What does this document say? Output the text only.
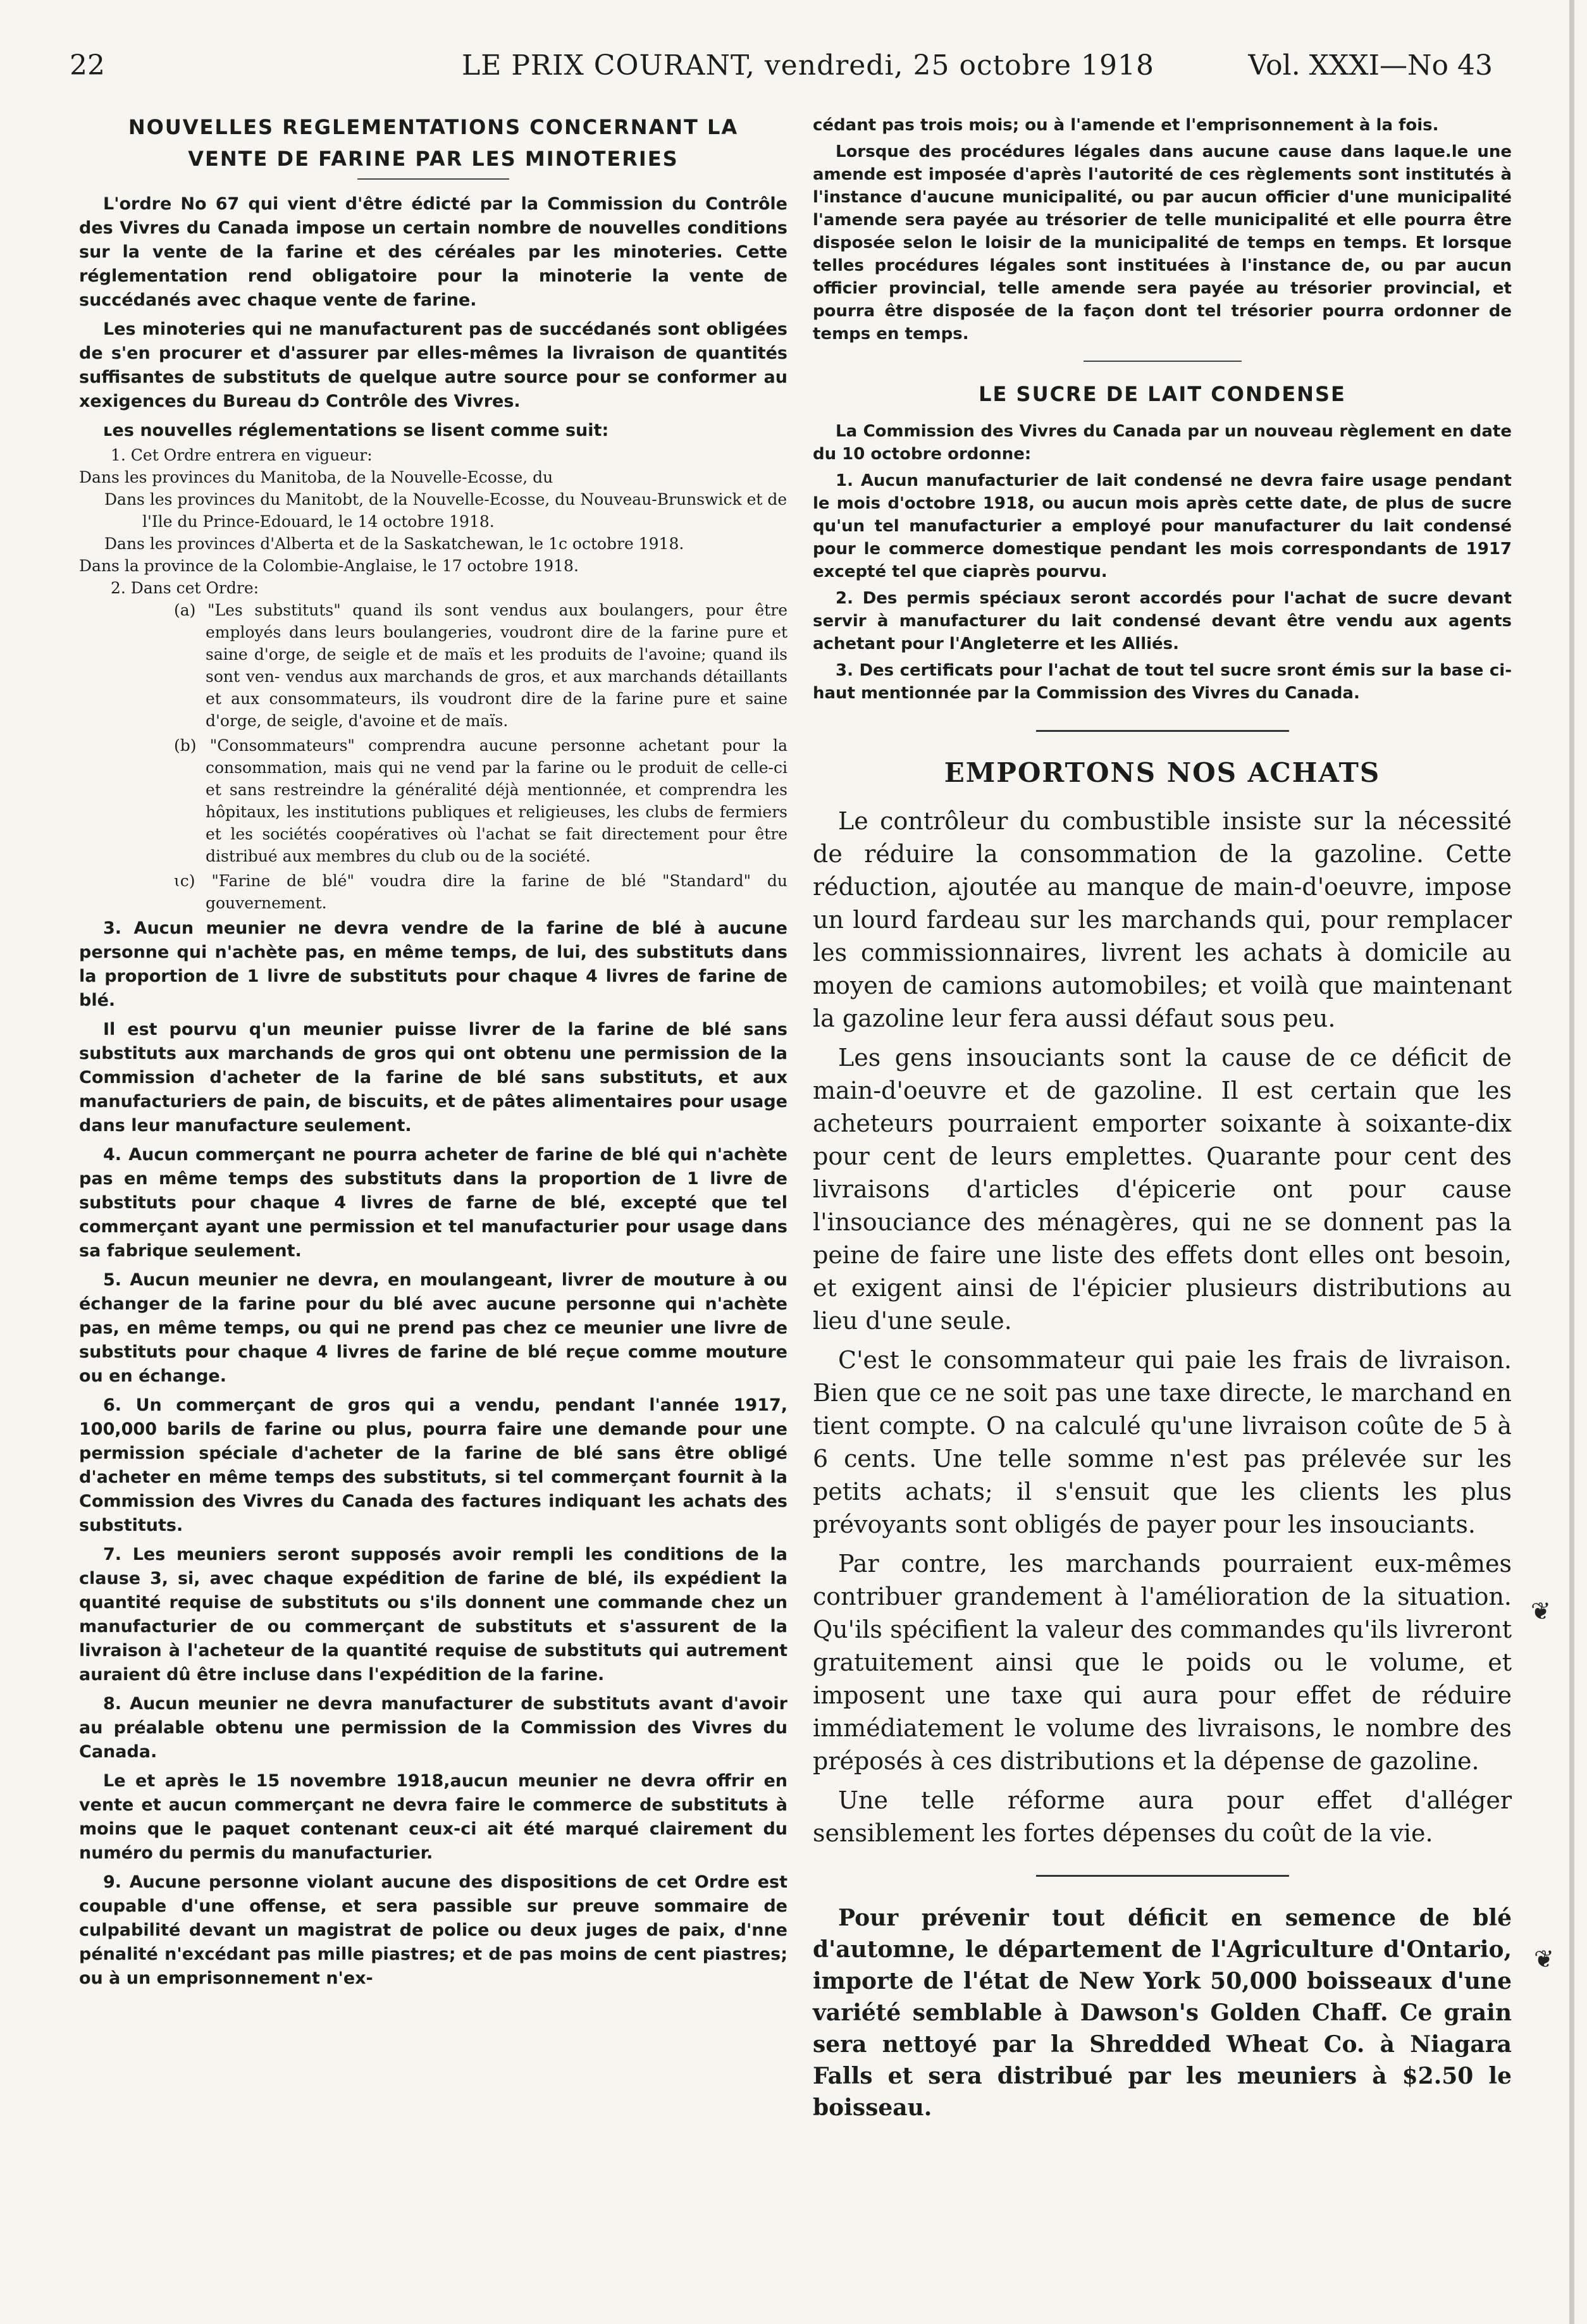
22	LE PRIX COURANT, vendredi, 25 octobre 1918	Vol. XXXI—No 43
NOUVELLES REGLEMENTATIONS CONCERNANT LA
VENTE DE FARINE PAR LES MINOTERIES

L'ordre No 67 qui vient d'être édicté par la Commission du Contrôle des Vivres du Canada impose un certain nombre de nouvelles conditions sur la vente de la farine et des céréales par les minoteries. Cette réglementation rend obligatoire pour la minoterie la vente de succédanés avec chaque vente de farine.

Les minoteries qui ne manufacturent pas de succédanés sont obligées de s'en procurer et d'assurer par elles-mêmes la livraison de quantités suffisantes de substituts de quelque autre source pour se conformer au xexigences du Bureau dɔ Contrôle des Vivres.

ʟes nouvelles réglementations se lisent comme suit:

1. Cet Ordre entrera en vigueur:

Dans les provinces du Manitoba, de la Nouvelle-Ecosse, du

Dans les provinces du Manitobt, de la Nouvelle-Ecosse, du Nouveau-Brunswick et de l'Ile du Prince-Edouard, le 14 octobre 1918.

Dans les provinces d'Alberta et de la Saskatchewan, le 1c octobre 1918.

Dans la province de la Colombie-Anglaise, le 17 octobre 1918.

2. Dans cet Ordre:

(a) "Les substituts" quand ils sont vendus aux boulangers, pour être employés dans leurs boulangeries, voudront dire de la farine pure et saine d'orge, de seigle et de maïs et les produits de l'avoine; quand ils sont ven- vendus aux marchands de gros, et aux marchands détaillants et aux consommateurs, ils voudront dire de la farine pure et saine d'orge, de seigle, d'avoine et de maïs.

(b) "Consommateurs" comprendra aucune personne achetant pour la consommation, mais qui ne vend par la farine ou le produit de celle-ci et sans restreindre la généralité déjà mentionnée, et comprendra les hôpitaux, les institutions publiques et religieuses, les clubs de fermiers et les sociétés coopératives où l'achat se fait directement pour être distribué aux membres du club ou de la société.

ɩc) "Farine de blé" voudra dire la farine de blé "Standard" du gouvernement.

3. Aucun meunier ne devra vendre de la farine de blé à aucune personne qui n'achète pas, en même temps, de lui, des substituts dans la proportion de 1 livre de substituts pour chaque 4 livres de farine de blé.

Il est pourvu q'un meunier puisse livrer de la farine de blé sans substituts aux marchands de gros qui ont obtenu une permission de la Commission d'acheter de la farine de blé sans substituts, et aux manufacturiers de pain, de biscuits, et de pâtes alimentaires pour usage dans leur manufacture seulement.

4. Aucun commerçant ne pourra acheter de farine de blé qui n'achète pas en même temps des substituts dans la proportion de 1 livre de substituts pour chaque 4 livres de farne de blé, excepté que tel commerçant ayant une permission et tel manufacturier pour usage dans sa fabrique seulement.

5. Aucun meunier ne devra, en moulangeant, livrer de mouture à ou échanger de la farine pour du blé avec aucune personne qui n'achète pas, en même temps, ou qui ne prend pas chez ce meunier une livre de substituts pour chaque 4 livres de farine de blé reçue comme mouture ou en échange.

6. Un commerçant de gros qui a vendu, pendant l'année 1917, 100,000 barils de farine ou plus, pourra faire une demande pour une permission spéciale d'acheter de la farine de blé sans être obligé d'acheter en même temps des substituts, si tel commerçant fournit à la Commission des Vivres du Canada des factures indiquant les achats des substituts.

7. Les meuniers seront supposés avoir rempli les conditions de la clause 3, si, avec chaque expédition de farine de blé, ils expédient la quantité requise de substituts ou s'ils donnent une commande chez un manufacturier de ou commerçant de substituts et s'assurent de la livraison à l'acheteur de la quantité requise de substituts qui autrement auraient dû être incluse dans l'expédition de la farine.

8. Aucun meunier ne devra manufacturer de substituts avant d'avoir au préalable obtenu une permission de la Commission des Vivres du Canada.

Le et après le 15 novembre 1918,aucun meunier ne devra offrir en vente et aucun commerçant ne devra faire le commerce de substituts à moins que le paquet contenant ceux-ci ait été marqué clairement du numéro du permis du manufacturier.

9. Aucune personne violant aucune des dispositions de cet Ordre est coupable d'une offense, et sera passible sur preuve sommaire de culpabilité devant un magistrat de police ou deux juges de paix, d'nne pénalité n'excédant pas mille piastres; et de pas moins de cent piastres; ou à un emprisonnement n'ex-

cédant pas trois mois; ou à l'amende et l'emprisonnement à la fois.

Lorsque des procédures légales dans aucune cause dans laque.le une amende est imposée d'après l'autorité de ces règlements sont institutés à l'instance d'aucune municipalité, ou par aucun officier d'une municipalité l'amende sera payée au trésorier de telle municipalité et elle pourra être disposée selon le loisir de la municipalité de temps en temps. Et lorsque telles procédures légales sont instituées à l'instance de, ou par aucun officier provincial, telle amende sera payée au trésorier provincial, et pourra être disposée de la façon dont tel trésorier pourra ordonner de temps en temps.

LE SUCRE DE LAIT CONDENSE

La Commission des Vivres du Canada par un nouveau règlement en date du 10 octobre ordonne:

1. Aucun manufacturier de lait condensé ne devra faire usage pendant le mois d'octobre 1918, ou aucun mois après cette date, de plus de sucre qu'un tel manufacturier a employé pour manufacturer du lait condensé pour le commerce domestique pendant les mois correspondants de 1917 excepté tel que ciaprès pourvu.

2. Des permis spéciaux seront accordés pour l'achat de sucre devant servir à manufacturer du lait condensé devant être vendu aux agents achetant pour l'Angleterre et les Alliés.

3. Des certificats pour l'achat de tout tel sucre sront émis sur la base ci-haut mentionnée par la Commission des Vivres du Canada.

EMPORTONS NOS ACHATS

Le contrôleur du combustible insiste sur la nécessité de réduire la consommation de la gazoline. Cette réduction, ajoutée au manque de main-d'oeuvre, impose un lourd fardeau sur les marchands qui, pour remplacer les commissionnaires, livrent les achats à domicile au moyen de camions automobiles; et voilà que maintenant la gazoline leur fera aussi défaut sous peu.

Les gens insouciants sont la cause de ce déficit de main-d'oeuvre et de gazoline. Il est certain que les acheteurs pourraient emporter soixante à soixante-dix pour cent de leurs emplettes. Quarante pour cent des livraisons d'articles d'épicerie ont pour cause l'insouciance des ménagères, qui ne se donnent pas la peine de faire une liste des effets dont elles ont besoin, et exigent ainsi de l'épicier plusieurs distributions au lieu d'une seule.

C'est le consommateur qui paie les frais de livraison. Bien que ce ne soit pas une taxe directe, le marchand en tient compte. O na calculé qu'une livraison coûte de 5 à 6 cents. Une telle somme n'est pas prélevée sur les petits achats; il s'ensuit que les clients les plus prévoyants sont obligés de payer pour les insouciants.

Par contre, les marchands pourraient eux-mêmes contribuer grandement à l'amélioration de la situation. Qu'ils spécifient la valeur des commandes qu'ils livreront gratuitement ainsi que le poids ou le volume, et imposent une taxe qui aura pour effet de réduire immédiatement le volume des livraisons, le nombre des préposés à ces distributions et la dépense de gazoline.

Une telle réforme aura pour effet d'alléger sensiblement les fortes dépenses du coût de la vie.

Pour prévenir tout déficit en semence de blé d'automne, le département de l'Agriculture d'Ontario, importe de l'état de New York 50,000 boisseaux d'une variété semblable à Dawson's Golden Chaff. Ce grain sera nettoyé par la Shredded Wheat Co. à Niagara Falls et sera distribué par les meuniers à $2.50 le boisseau.

❦
❦
